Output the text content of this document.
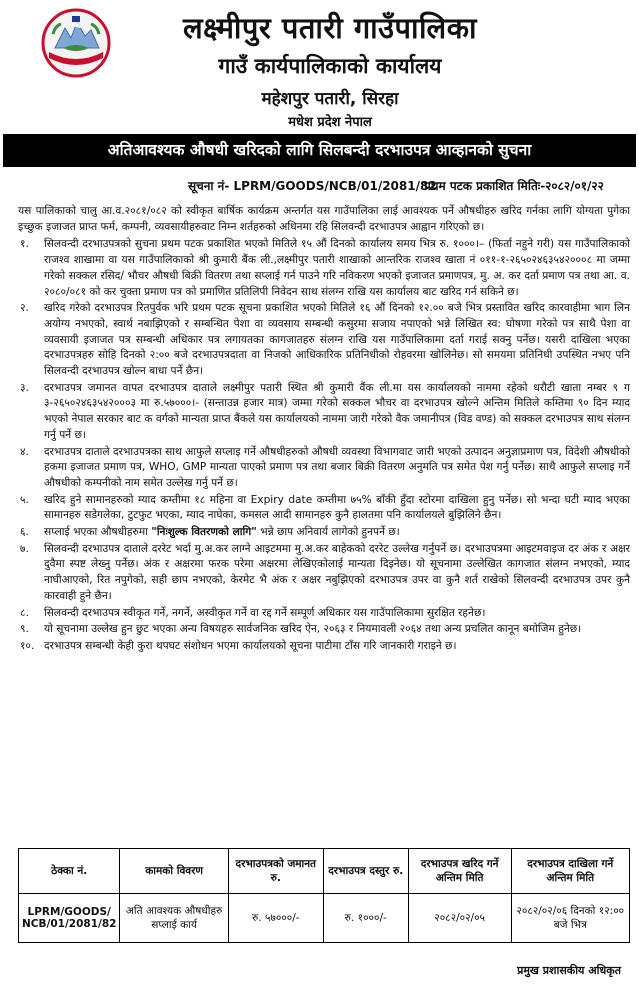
लक्ष्मीपुर पतारी गाउँपालिका
गाउँ कार्यपालिकाको कार्यालय
महेशपुर पतारी, सिरहा
मधेश प्रदेश नेपाल
अतिआवश्यक औषधी खरिदको लागि सिलबन्दी दरभाउपत्र आव्हानको सुचना
सूचना नं- LPRM/GOODS/NCB/01/2081/82
प्रथम पटक प्रकाशित मितिः-२०८२/०१/२२

यस पालिकाको चालु आ.व.२०८१/०८२ को स्वीकृत बार्षिक कार्यक्रम अन्तर्गत यस गाउँपालिका लाई आवश्यक पर्ने औषधीहरु खरिद गर्नका लागि योग्यता पुगेका इच्छुक इजाजत प्राप्त फर्म, कम्पनी, व्यवसायीहरुवाट निम्न शर्तहरुको अधिनमा रहि सिलवन्दी दरभाउपत्र आह्वान गरिएको छ।

१. सिलवन्दी दरभाउपत्रको सुचना प्रथम पटक प्रकाशित भएको मितिले १५ औं दिनको कार्यालय समय भित्र रु. १०००।– (फिर्ता नहुने गरी) यस गाउँपालिकाको राजश्व शाखामा वा यस गाउँपालिकाको श्री कुमारी बैंक ली.,लक्ष्मीपुर पतारी शाखाको आन्तरिक राजश्व खाता नं ०११-१-२६५०२४६३५४२०००८ मा जम्मा गरेको सक्कल रसिद/ भौचर औषधी बिक्री वितरण तथा सप्लाई गर्न पाउने गरि नविकरण भएको इजाजत प्रमाणपत्र, मु. अ. कर दर्ता प्रमाण पत्र तथा आ. व. २०८०/०८१ को कर चुक्ता प्रमाण पत्र को प्रमाणित प्रतिलिपी निवेदन साथ संलग्न राखि यस कार्यालय बाट खरिद गर्न सकिने छ।
२. खरिद गरेको दरभाउपत्र रितपुर्वक भरि प्रथम पटक सूचना प्रकाशित भएको मितिले १६ औं दिनको १२.०० बजे भित्र प्रस्तावित खरिद कारवाहीमा भाग लिन अयोग्य नभएको, स्वार्थ नबाझिएको र सम्बन्धित पेशा वा व्यवसाय सम्बन्धी कसुरमा सजाय नपाएको भन्ने लिखित स्व: घोषणा गरेको पत्र साथै पेशा वा व्यवसायी इजाजत पत्र सम्बन्धी अधिकार पत्र लगायतका कागजातहरु संलग्न राखि यस गाउँपालिकामा दर्ता गराई सक्नु पर्नेछ। यसरी दाखिला भएका दरभाउपत्रहरु सोहि दिनको २:०० बजे दरभाउपत्रदाता वा निजको आधिकारिक प्रतिनिधीको रोहवरमा खोलिनेछ। सो समयमा प्रतिनिधी उपस्थित नभए पनि सिलवन्दी दरभाउपत्र खोल्न बाधा पर्ने छैन।
३. दरभाउपत्र जमानत वापत दरभाउपत्र दाताले लक्ष्मीपुर पतारी स्थित श्री कुमारी वैंक ली.मा यस कार्यालयको नाममा रहेको धरौटी खाता नम्बर ९ ग ३-२६५०२४६३५४२०००३ मा रु.५७०००।- (सन्ताउन्न हजार मात्र) जम्मा गरेको सक्कल भौचर वा दरभाउपत्र खोल्ने अन्तिम मितिले कम्तिमा ९० दिन म्याद भएको नेपाल सरकार बाट क वर्गको मान्यता प्राप्त बैंकले यस कार्यालयको नाममा जारी गरेको वैक जमानीपत्र (विड वण्ड) को सक्कल दरभाउपत्र साथ संलग्न गर्नु पर्ने छ।
४. दरभाउपत्र दाताले दरभाउपत्रका साथ आफुले सप्लाइ गर्ने औषधीहरुको औषधी व्यवस्था विभागवाट जारी भएको उत्पादन अनुज्ञाप्रमाण पत्र, विदेशी औषधीको हकमा इजाजत प्रमाण पत्र, WHO, GMP मान्यता पाएको प्रमाण पत्र तथा बजार बिक्री वितरण अनुमति पत्र समेत पेश गर्नु पर्नेछ। साथै आफुले सप्लाइ गर्ने औषधीको कम्पनीको नाम समेत उल्लेख गर्नु पर्ने छ।
५. खरिद हुने सामानहरुको म्याद कम्तीमा १८ महिना वा Expiry date कम्तीमा ७५% बाँकी हुँदा स्टोरमा दाखिला हुनु पर्नेछ। सो भन्दा घटी म्याद भएका सामानहरु सडेगलेका, टुटफुट भएका, म्याद नाघेका, कमसल आदी सामानहरु कुनै हालतमा पनि कार्यालयले बुझिलिने छैन।
६. सप्लाई भएका औषधीहरुमा "निःशुल्क वितरणको लागि" भन्ने छाप अनिवार्य लागेको हुनपर्ने छ।
७. सिलवन्दी दरभाउपत्र दाताले दररेट भर्दा मु.अ.कर लाग्ने आइटममा मु.अ.कर बाहेकको दररेट उल्लेख गर्नुपर्ने छ। दरभाउपत्रमा आइटमवाइज दर अंक र अक्षर दुवैमा स्पष्ट लेख्नु पर्नेछ। अंक र अक्षरमा फरक परेमा अक्षरमा लेखिएकोलाई मान्यता दिइनेछ। यो सूचनामा उल्लेखित कागजात संलग्न नभएको, म्याद नाघीआएको, रित नपुगेको, सही छाप नभएको, केरमेट भै अंक र अक्षर नबुझिएको दरभाउपत्र उपर वा कुनै शर्त राखेको सिलवन्दी दरभाउपत्र उपर कुनै कारवाही हुने छैन।
८. सिलवन्दी दरभाउपत्र स्वीकृत गर्ने, नगर्ने, अस्वीकृत गर्ने वा रद्द गर्ने सम्पूर्ण अधिकार यस गाउँपालिकामा सुरक्षित रहनेछ।
९. यो सूचनामा उल्लेख हुन छुट भएका अन्य विषयहरु सार्वजनिक खरिद ऐन, २०६३ र नियमावली २०६४ तथा अन्य प्रचलित कानून बमोजिम हुनेछ।
१०. दरभाउपत्र सम्बन्धी केही कुरा थपघट संशोधन भएमा कार्यालयको सूचना पाटीमा टाँस गरि जानकारी गराइने छ।
ठेक्का नं.	कामको विवरण	दरभाउपत्रको जमानत रु.	दरभाउपत्र दस्तुर रु.	दरभाउपत्र खरिद गर्ने अन्तिम मिति	दरभाउपत्र दाखिला गर्ने अन्तिम मिति
LPRM/GOODS/ NCB/01/2081/82	अति आवश्यक औषधीहरु सप्लाई कार्य	रु. ५७०००/-	रु. १०००/-	२०८२/०२/०५	२०८२/०२/०६ दिनको १२:०० बजे भित्र
प्रमुख प्रशासकीय अधिकृत
